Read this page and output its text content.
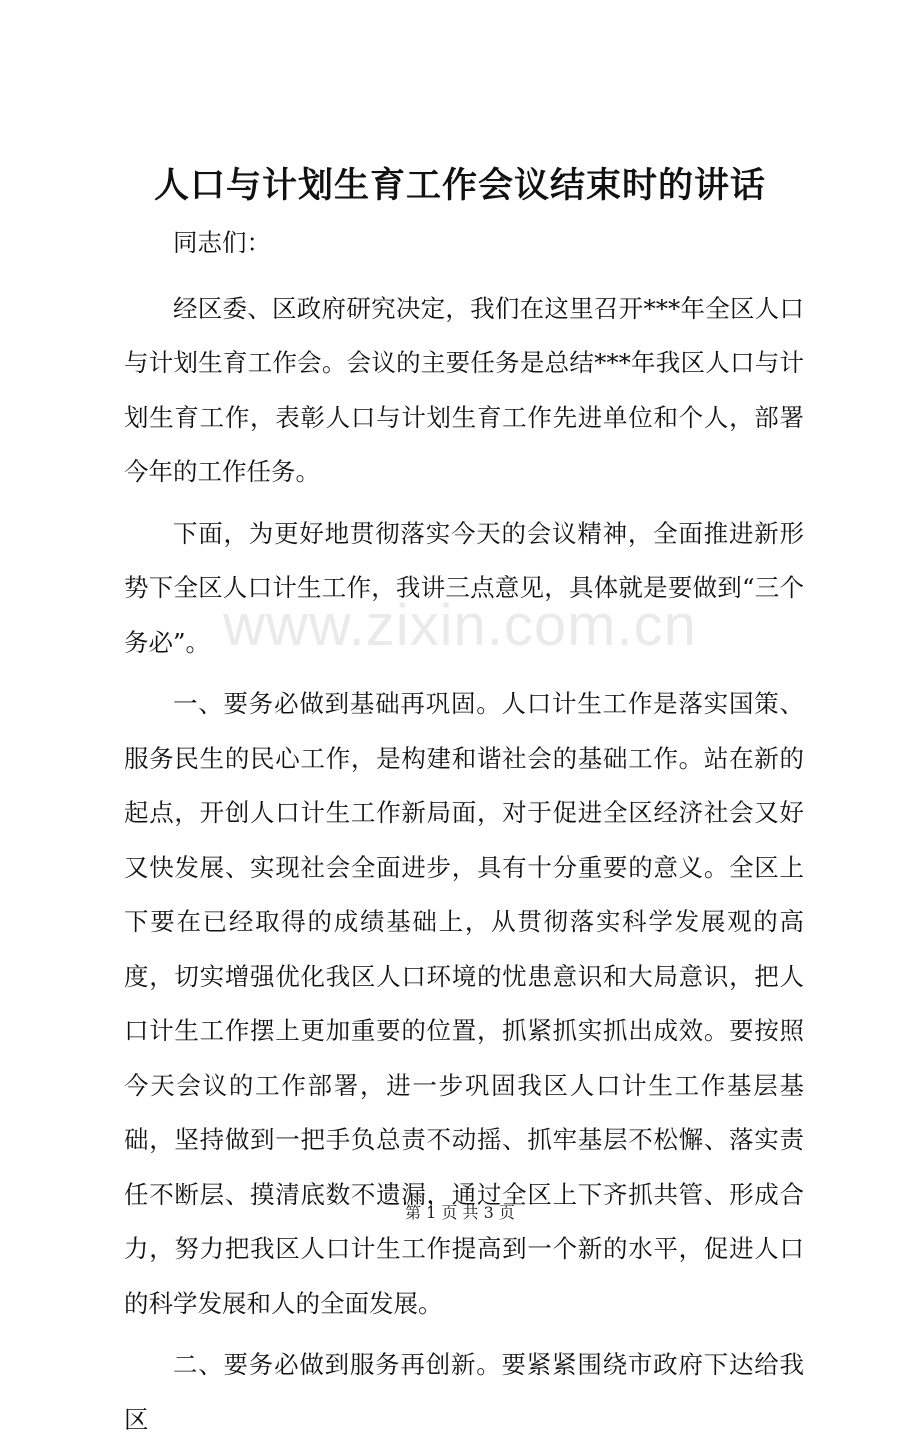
人口与计划生育工作会议结束时的讲话

同志们：

经区委、区政府研究决定，我们在这里召开***年全区人口与计划生育工作会。会议的主要任务是总结***年我区人口与计划生育工作，表彰人口与计划生育工作先进单位和个人，部署今年的工作任务。

下面，为更好地贯彻落实今天的会议精神，全面推进新形势下全区人口计生工作，我讲三点意见，具体就是要做到“三个务必”。

一、要务必做到基础再巩固。人口计生工作是落实国策、服务民生的民心工作，是构建和谐社会的基础工作。站在新的起点，开创人口计生工作新局面，对于促进全区经济社会又好又快发展、实现社会全面进步，具有十分重要的意义。全区上下要在已经取得的成绩基础上，从贯彻落实科学发展观的高度，切实增强优化我区人口环境的忧患意识和大局意识，把人口计生工作摆上更加重要的位置，抓紧抓实抓出成效。要按照今天会议的工作部署，进一步巩固我区人口计生工作基层基础，坚持做到一把手负总责不动摇、抓牢基层不松懈、落实责任不断层、摸清底数不遗漏，通过全区上下齐抓共管、形成合力，努力把我区人口计生工作提高到一个新的水平，促进人口的科学发展和人的全面发展。

二、要务必做到服务再创新。要紧紧围绕市政府下达给我区

www.zixin.com.cn
第 1 页 共 3 页
